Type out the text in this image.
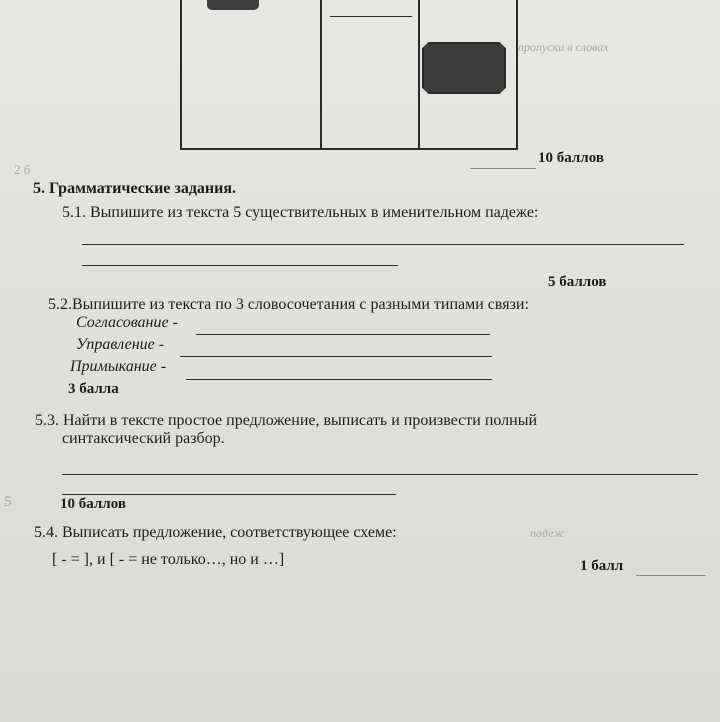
пропуски в словах
падеж
2 б
5
10 баллов
5. Грамматические задания.
5.1. Выпишите из текста 5 существительных в именительном падеже:
5 баллов
5.2.Выпишите из текста по 3 словосочетания с разными типами связи:
Согласование -
Управление -
Примыкание -
3 балла
5.3. Найти в тексте простое предложение, выписать и произвести полный
синтаксический разбор.
10 баллов
5.4. Выписать предложение, соответствующее схеме:
[ - = ], и [ - = не только…, но и …]	1 балл
